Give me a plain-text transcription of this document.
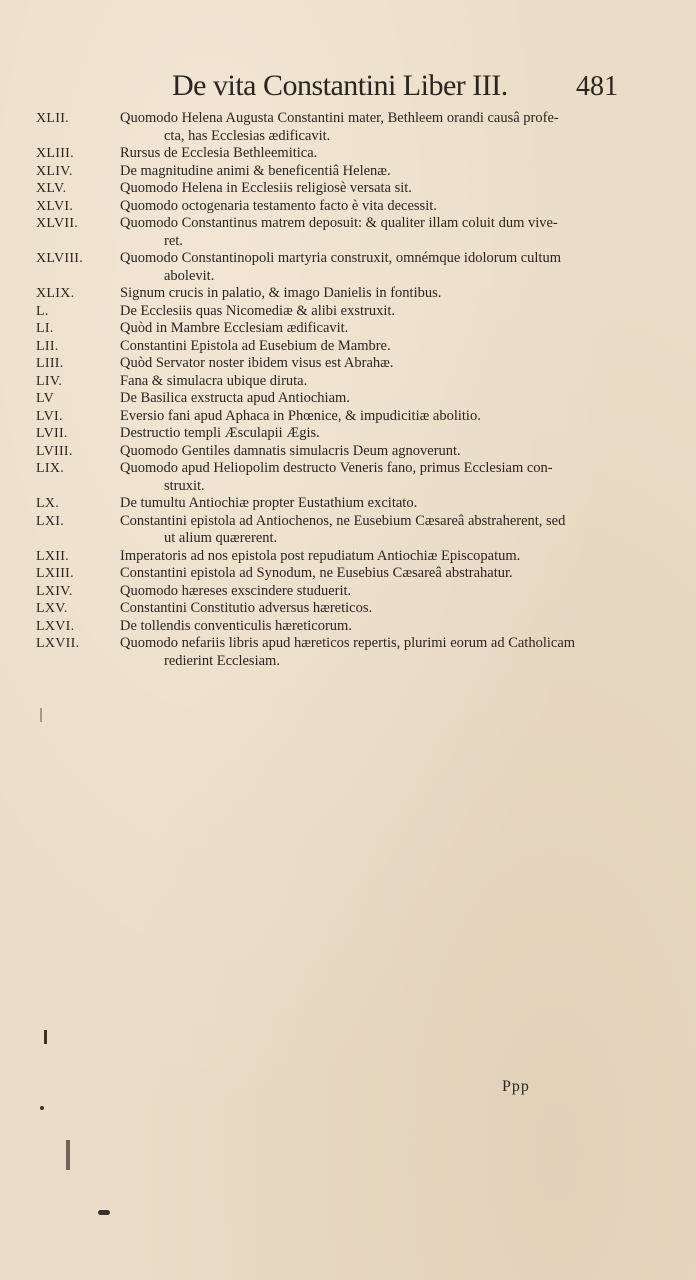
De vita Constantini Liber III. 481
XLII.	Quomodo Helena Augusta Constantini mater, Bethleem orandi causâ profe-
cta, has Ecclesias ædificavit.
XLIII.	Rursus de Ecclesia Bethleemitica.
XLIV.	De magnitudine animi & beneficentiâ Helenæ.
XLV.	Quomodo Helena in Ecclesiis religiosè versata sit.
XLVI.	Quomodo octogenaria testamento facto è vita decessit.
XLVII.	Quomodo Constantinus matrem deposuit: & qualiter illam coluit dum vive-
ret.
XLVIII.	Quomodo Constantinopoli martyria construxit, omnémque idolorum cultum
abolevit.
XLIX.	Signum crucis in palatio, & imago Danielis in fontibus.
L.	De Ecclesiis quas Nicomediæ & alibi exstruxit.
LI.	Quòd in Mambre Ecclesiam ædificavit.
LII.	Constantini Epistola ad Eusebium de Mambre.
LIII.	Quòd Servator noster ibidem visus est Abrahæ.
LIV.	Fana & simulacra ubique diruta.
LV	De Basilica exstructa apud Antiochiam.
LVI.	Eversio fani apud Aphaca in Phœnice, & impudicitiæ abolitio.
LVII.	Destructio templi Æsculapii Ægis.
LVIII.	Quomodo Gentiles damnatis simulacris Deum agnoverunt.
LIX.	Quomodo apud Heliopolim destructo Veneris fano, primus Ecclesiam con-
struxit.
LX.	De tumultu Antiochiæ propter Eustathium excitato.
LXI.	Constantini epistola ad Antiochenos, ne Eusebium Cæsareâ abstraherent, sed
ut alium quærerent.
LXII.	Imperatoris ad nos epistola post repudiatum Antiochiæ Episcopatum.
LXIII.	Constantini epistola ad Synodum, ne Eusebius Cæsareâ abstrahatur.
LXIV.	Quomodo hæreses exscindere studuerit.
LXV.	Constantini Constitutio adversus hæreticos.
LXVI.	De tollendis conventiculis hæreticorum.
LXVII.	Quomodo nefariis libris apud hæreticos repertis, plurimi eorum ad Catholicam
redierint Ecclesiam.
Ppp
